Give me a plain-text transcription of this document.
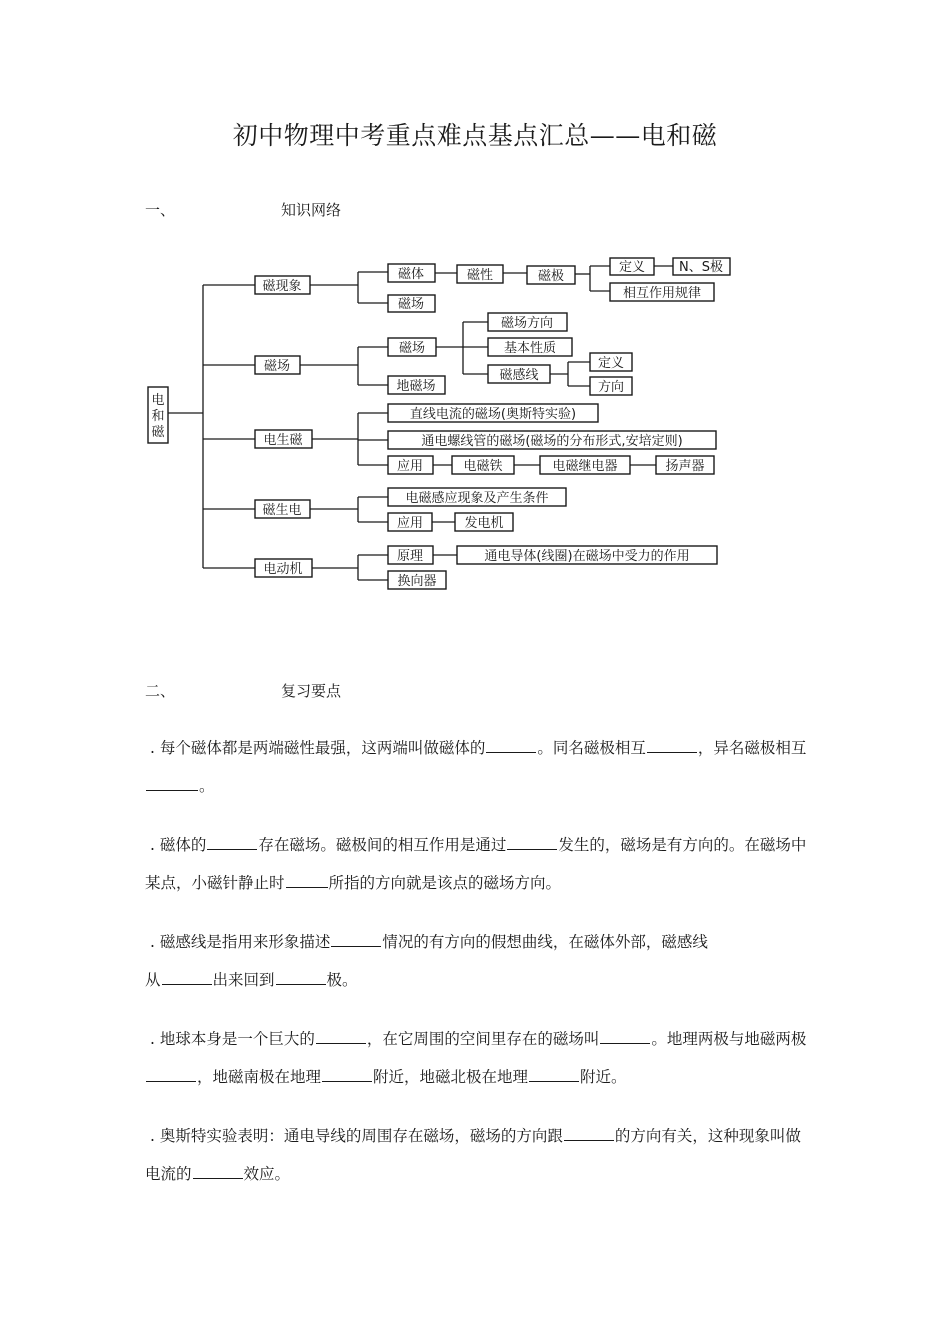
初中物理中考重点难点基点汇总——电和磁
一、	知识网络
电
和
磁
磁现象
磁场
电生磁
磁生电
电动机
磁体	磁性	磁极
定义	N、S极
相互作用规律
磁场
磁场
磁场方向
基本性质
磁感线
定义
方向
地磁场
直线电流的磁场(奥斯特实验)
通电螺线管的磁场(磁场的分布形式,安培定则)
应用	电磁铁	电磁继电器	扬声器
电磁感应现象及产生条件
应用	发电机
原理	通电导体(线圈)在磁场中受力的作用
换向器
二、	复习要点
. 每个磁体都是两端磁性最强，这两端叫做磁体的	。同名磁极相互	，异名磁极相互。
. 磁体的	存在磁场。磁极间的相互作用是通过	发生的，磁场是有方向的。在磁场中某点，小磁针静止时	所指的方向就是该点的磁场方向。
. 磁感线是指用来形象描述	情况的有方向的假想曲线，在磁体外部，磁感线
从	出来回到	极。
. 地球本身是一个巨大的	，在它周围的空间里存在的磁场叫	。地理两极与地磁两极，地磁南极在地理	附近，地磁北极在地理	附近。
. 奥斯特实验表明：通电导线的周围存在磁场，磁场的方向跟	的方向有关，这种现象叫做电流的	效应。
